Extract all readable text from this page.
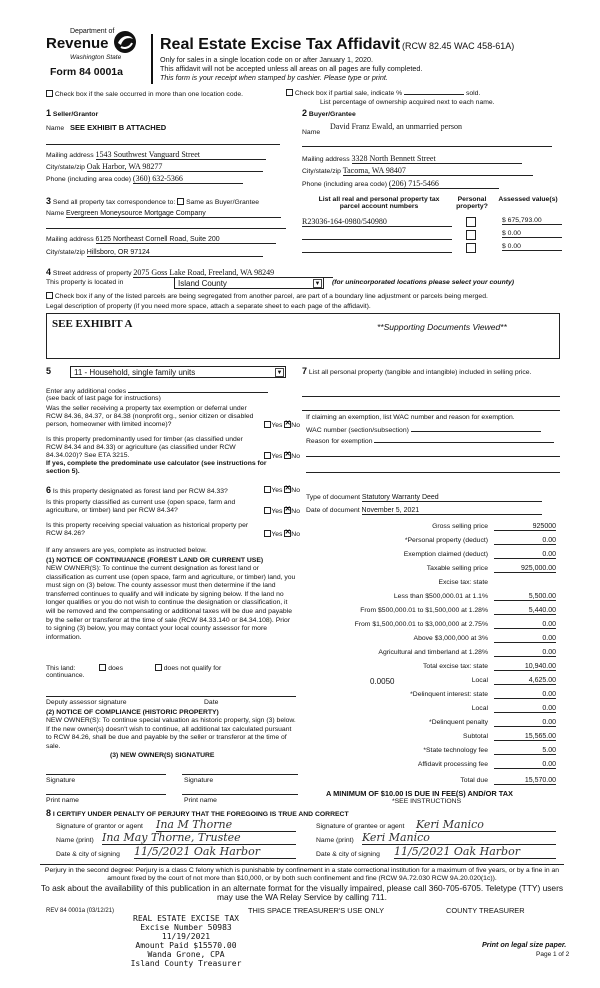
Department of
Revenue
Washington State
Form 84 0001a
Real Estate Excise Tax Affidavit (RCW 82.45 WAC 458-61A)
Only for sales in a single location code on or after January 1, 2020.
This affidavit will not be accepted unless all areas on all pages are fully completed.
This form is your receipt when stamped by cashier. Please type or print.
Check box if the sale occurred in more than one location code.	Check box if partial sale, indicate %	sold.
List percentage of ownership acquired next to each name.
1 Seller/Grantor
Name SEE EXHIBIT B ATTACHED
Mailing address 1543 Southwest Vanguard Street
City/state/zip Oak Harbor, WA 98277
Phone (including area code) (360) 632-5366
2 Buyer/Grantee
Name David Franz Ewald, an unmarried person
Mailing address 3328 North Bennett Street
City/state/zip Tacoma, WA 98407
Phone (including area code) (206) 715-5466
3 Send all property tax correspondence to: Same as Buyer/Grantee
Name Evergreen Moneysource Mortgage Company
Mailing address 6125 Northeast Cornell Road, Suite 200
City/state/zip Hillsboro, OR 97124
List all real and personal property tax parcel account numbers
Personal property?
Assessed value(s)
R23036-164-0980/540980	$ 675,793.00
$ 0.00
$ 0.00
4 Street address of property 2075 Goss Lake Road, Freeland, WA 98249
This property is located in	Island County	▼ (for unincorporated locations please select your county)
Check box if any of the listed parcels are being segregated from another parcel, are part of a boundary line adjustment or parcels being merged.
Legal description of property (if you need more space, attach a separate sheet to each page of the affidavit).
SEE EXHIBIT A	**Supporting Documents Viewed**
5	11 - Household, single family units	▼
Enter any additional codes
(see back of last page for instructions)
Was the seller receiving a property tax exemption or deferral under RCW 84.36, 84.37, or 84.38 (nonprofit org., senior citizen or disabled person, homeowner with limited income)?	Yes ✕ No
Is this property predominantly used for timber (as classified under RCW 84.34 and 84.33) or agriculture (as classified under RCW 84.34.020)? See ETA 3215.	Yes ✕ No
If yes, complete the predominate use calculator (see instructions for section 5).
6 Is this property designated as forest land per RCW 84.33?	Yes ✕ No
Is this property classified as current use (open space, farm and agriculture, or timber) land per RCW 84.34?	Yes ✕ No
Is this property receiving special valuation as historical property per RCW 84.26?	Yes ✕ No
If any answers are yes, complete as instructed below.
(1) NOTICE OF CONTINUANCE (FOREST LAND OR CURRENT USE)
NEW OWNER(S): To continue the current designation as forest land or classification as current use (open space, farm and agriculture, or timber) land, you must sign on (3) below. The county assessor must then determine if the land transferred continues to qualify and will indicate by signing below. If the land no longer qualifies or you do not wish to continue the designation or classification, it will be removed and the compensating or additional taxes will be due and payable by the seller or transferor at the time of sale (RCW 84.33.140 or 84.34.108). Prior to signing (3) below, you may contact your local county assessor for more information.
This land:	does	does not qualify for
continuance.
Deputy assessor signature	Date
(2) NOTICE OF COMPLIANCE (HISTORIC PROPERTY)
NEW OWNER(S): To continue special valuation as historic property, sign (3) below. If the new owner(s) doesn't wish to continue, all additional tax calculated pursuant to RCW 84.26, shall be due and payable by the seller or transferor at the time of sale.
(3) NEW OWNER(S) SIGNATURE
Signature	Signature
Print name	Print name
7 List all personal property (tangible and intangible) included in selling price.
If claiming an exemption, list WAC number and reason for exemption.
WAC number (section/subsection)
Reason for exemption
Type of document Statutory Warranty Deed
Date of document November 5, 2021
Gross selling price	925000
*Personal property (deduct)	0.00
Exemption claimed (deduct)	0.00
Taxable selling price	925,000.00
Excise tax: state
Less than $500,000.01 at 1.1%	5,500.00
From $500,000.01 to $1,500,000 at 1.28%	5,440.00
From $1,500,000.01 to $3,000,000 at 2.75%	0.00
Above $3,000,000 at 3%	0.00
Agricultural and timberland at 1.28%	0.00
Total excise tax: state	10,940.00
0.0050	Local	4,625.00
*Delinquent interest: state	0.00
Local	0.00
*Delinquent penalty	0.00
Subtotal	15,565.00
*State technology fee	5.00
Affidavit processing fee	0.00
Total due	15,570.00
A MINIMUM OF $10.00 IS DUE IN FEE(S) AND/OR TAX
*SEE INSTRUCTIONS
8 I CERTIFY UNDER PENALTY OF PERJURY THAT THE FOREGOING IS TRUE AND CORRECT
Signature of grantor or agent Ina M Thorne
Name (print) Ina May Thorne, Trustee
Date & city of signing 11/5/2021 Oak Harbor
Signature of grantee or agent Keri Manico
Name (print) Keri Manico
Date & city of signing 11/5/2021 Oak Harbor
Perjury in the second degree: Perjury is a class C felony which is punishable by confinement in a state correctional institution for a maximum of five years, or by a fine in an amount fixed by the court of not more than $10,000, or by both such confinement and fine (RCW 9A.72.030 RCW 9A.20.020(1c)).
To ask about the availability of this publication in an alternate format for the visually impaired, please call 360-705-6705. Teletype (TTY) users may use the WA Relay Service by calling 711.
REV 84 0001a (03/12/21)	THIS SPACE TREASURER'S USE ONLY	COUNTY TREASURER
REAL ESTATE EXCISE TAX
Excise Number 50983
11/19/2021
Amount Paid $15570.00
Wanda Grone, CPA
Island County Treasurer
Print on legal size paper.
Page 1 of 2
